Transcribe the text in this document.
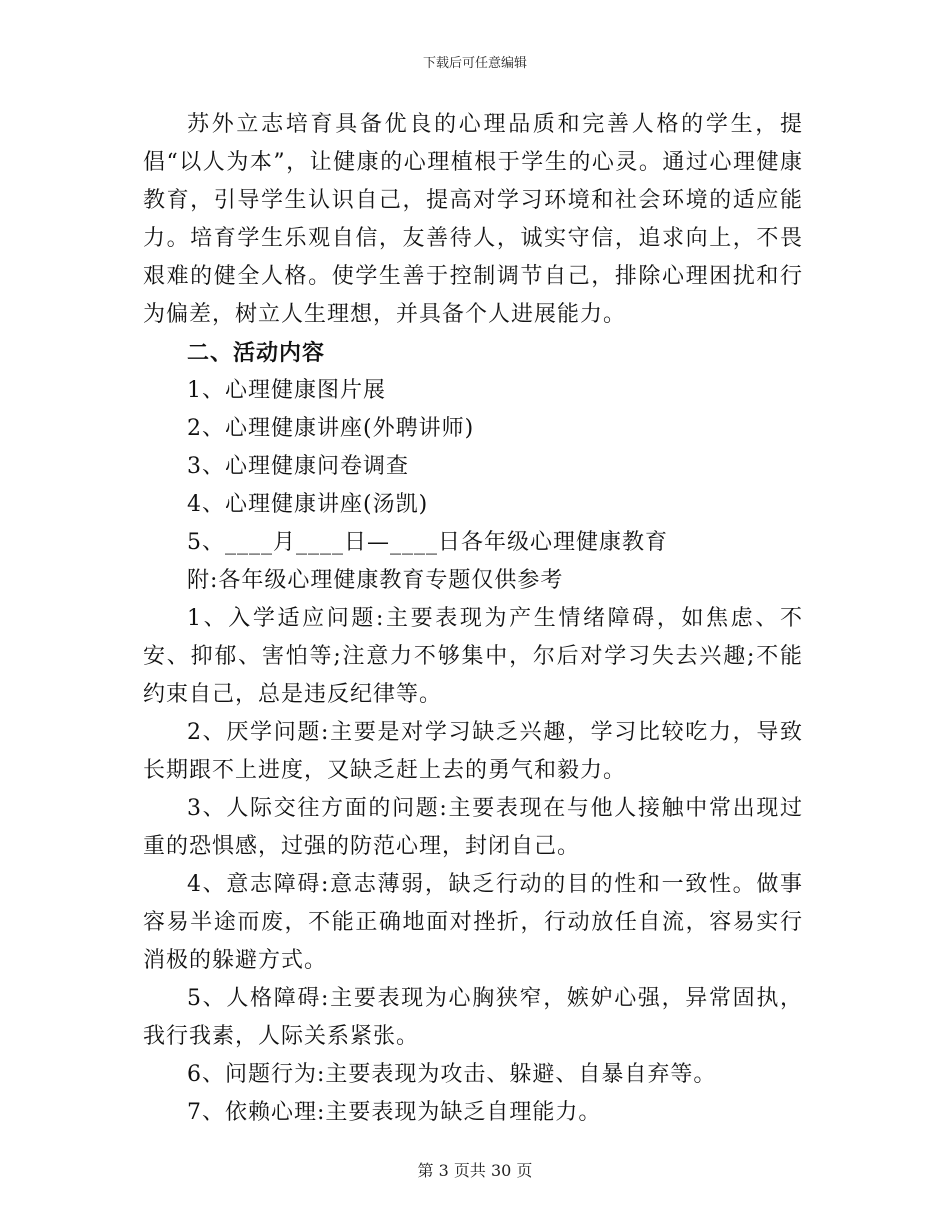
下载后可任意编辑

苏外立志培育具备优良的心理品质和完善人格的学生，提倡“以人为本”，让健康的心理植根于学生的心灵。通过心理健康教育，引导学生认识自己，提高对学习环境和社会环境的适应能力。培育学生乐观自信，友善待人，诚实守信，追求向上，不畏艰难的健全人格。使学生善于控制调节自己，排除心理困扰和行为偏差，树立人生理想，并具备个人进展能力。

二、活动内容

1、心理健康图片展

2、心理健康讲座(外聘讲师)

3、心理健康问卷调查

4、心理健康讲座(汤凯)

5、____月____日—____日各年级心理健康教育

附:各年级心理健康教育专题仅供参考

1、入学适应问题:主要表现为产生情绪障碍，如焦虑、不安、抑郁、害怕等;注意力不够集中，尔后对学习失去兴趣;不能约束自己，总是违反纪律等。

2、厌学问题:主要是对学习缺乏兴趣，学习比较吃力，导致长期跟不上进度，又缺乏赶上去的勇气和毅力。

3、人际交往方面的问题:主要表现在与他人接触中常出现过重的恐惧感，过强的防范心理，封闭自己。

4、意志障碍:意志薄弱，缺乏行动的目的性和一致性。做事容易半途而废，不能正确地面对挫折，行动放任自流，容易实行消极的躲避方式。

5、人格障碍:主要表现为心胸狭窄，嫉妒心强，异常固执，我行我素，人际关系紧张。

6、问题行为:主要表现为攻击、躲避、自暴自弃等。

7、依赖心理:主要表现为缺乏自理能力。

第 3 页共 30 页
